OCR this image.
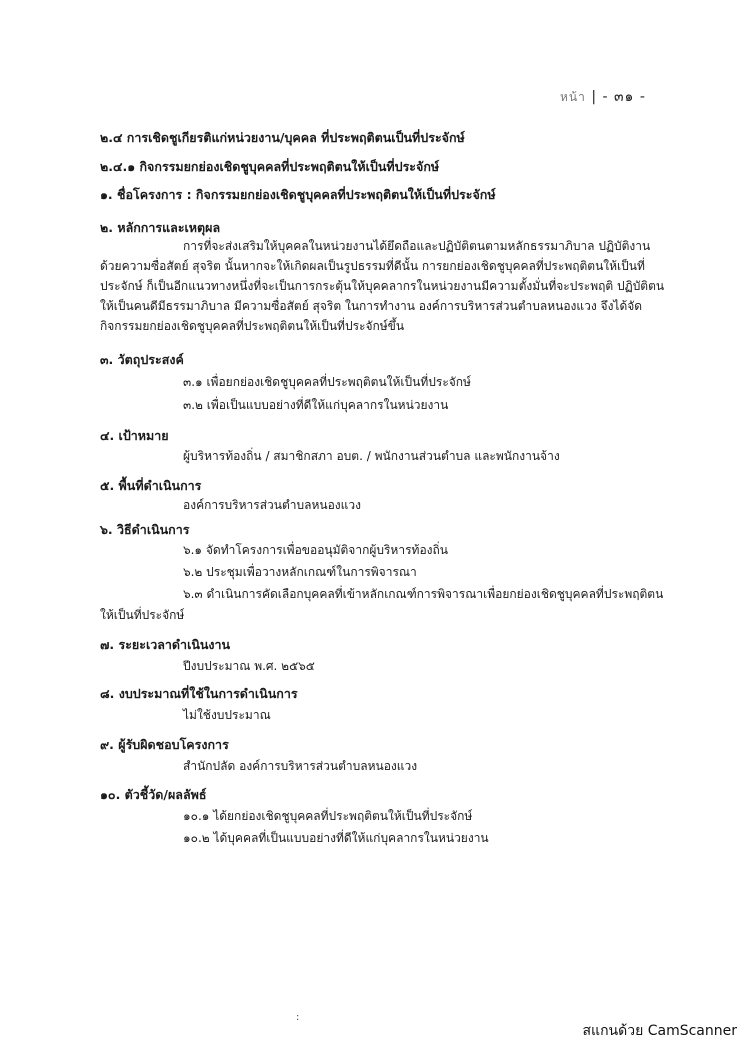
หน้า | - ๓๑ -
๒.๔ การเชิดชูเกียรติแก่หน่วยงาน/บุคคล ที่ประพฤติตนเป็นที่ประจักษ์
๒.๔.๑ กิจกรรมยกย่องเชิดชูบุคคลที่ประพฤติตนให้เป็นที่ประจักษ์
๑. ชื่อโครงการ : กิจกรรมยกย่องเชิดชูบุคคลที่ประพฤติตนให้เป็นที่ประจักษ์
๒. หลักการและเหตุผล
การที่จะส่งเสริมให้บุคคลในหน่วยงานได้ยึดถือและปฏิบัติตนตามหลักธรรมาภิบาล ปฏิบัติงาน
ด้วยความซื่อสัตย์ สุจริต นั้นหากจะให้เกิดผลเป็นรูปธรรมที่ดีนั้น การยกย่องเชิดชูบุคคลที่ประพฤติตนให้เป็นที่
ประจักษ์ ก็เป็นอีกแนวทางหนึ่งที่จะเป็นการกระตุ้นให้บุคคลากรในหน่วยงานมีความตั้งมั่นที่จะประพฤติ ปฏิบัติตน
ให้เป็นคนดีมีธรรมาภิบาล มีความซื่อสัตย์ สุจริต ในการทำงาน องค์การบริหารส่วนตำบลหนองแวง จึงได้จัด
กิจกรรมยกย่องเชิดชูบุคคลที่ประพฤติตนให้เป็นที่ประจักษ์ขึ้น
๓. วัตถุประสงค์
๓.๑ เพื่อยกย่องเชิดชูบุคคลที่ประพฤติตนให้เป็นที่ประจักษ์
๓.๒ เพื่อเป็นแบบอย่างที่ดีให้แก่บุคลากรในหน่วยงาน
๔. เป้าหมาย
ผู้บริหารท้องถิ่น / สมาชิกสภา อบต. / พนักงานส่วนตำบล และพนักงานจ้าง
๕. พื้นที่ดำเนินการ
องค์การบริหารส่วนตำบลหนองแวง
๖. วิธีดำเนินการ
๖.๑ จัดทำโครงการเพื่อขออนุมัติจากผู้บริหารท้องถิ่น
๖.๒ ประชุมเพื่อวางหลักเกณฑ์ในการพิจารณา
๖.๓ ดำเนินการคัดเลือกบุคคลที่เข้าหลักเกณฑ์การพิจารณาเพื่อยกย่องเชิดชูบุคคลที่ประพฤติตน
ให้เป็นที่ประจักษ์
๗. ระยะเวลาดำเนินงาน
ปีงบประมาณ พ.ศ. ๒๕๖๕
๘. งบประมาณที่ใช้ในการดำเนินการ
ไม่ใช้งบประมาณ
๙. ผู้รับผิดชอบโครงการ
สำนักปลัด องค์การบริหารส่วนตำบลหนองแวง
๑๐. ตัวชี้วัด/ผลลัพธ์
๑๐.๑ ได้ยกย่องเชิดชูบุคคลที่ประพฤติตนให้เป็นที่ประจักษ์
๑๐.๒ ได้บุคคลที่เป็นแบบอย่างที่ดีให้แก่บุคลากรในหน่วยงาน
:
สแกนด้วย CamScanner
